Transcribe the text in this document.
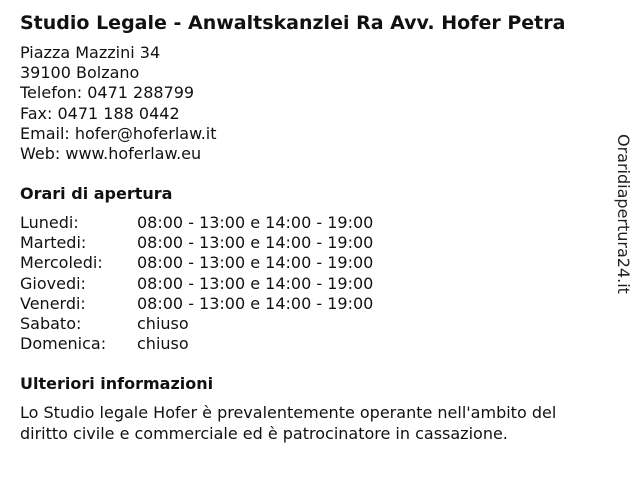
Studio Legale - Anwaltskanzlei Ra Avv. Hofer Petra
Piazza Mazzini 34
39100 Bolzano
Telefon: 0471 288799
Fax: 0471 188 0442
Email: hofer@hoferlaw.it
Web: www.hoferlaw.eu
Orari di apertura
Lunedi:	08:00 - 13:00 e 14:00 - 19:00
Martedi:	08:00 - 13:00 e 14:00 - 19:00
Mercoledi: 08:00 - 13:00 e 14:00 - 19:00
Giovedi:	08:00 - 13:00 e 14:00 - 19:00
Venerdi:	08:00 - 13:00 e 14:00 - 19:00
Sabato:	chiuso
Domenica: chiuso
Ulteriori informazioni
Lo Studio legale Hofer è prevalentemente operante nell'ambito del
diritto civile e commerciale ed è patrocinatore in cassazione.
Oraridiapertura24.it
